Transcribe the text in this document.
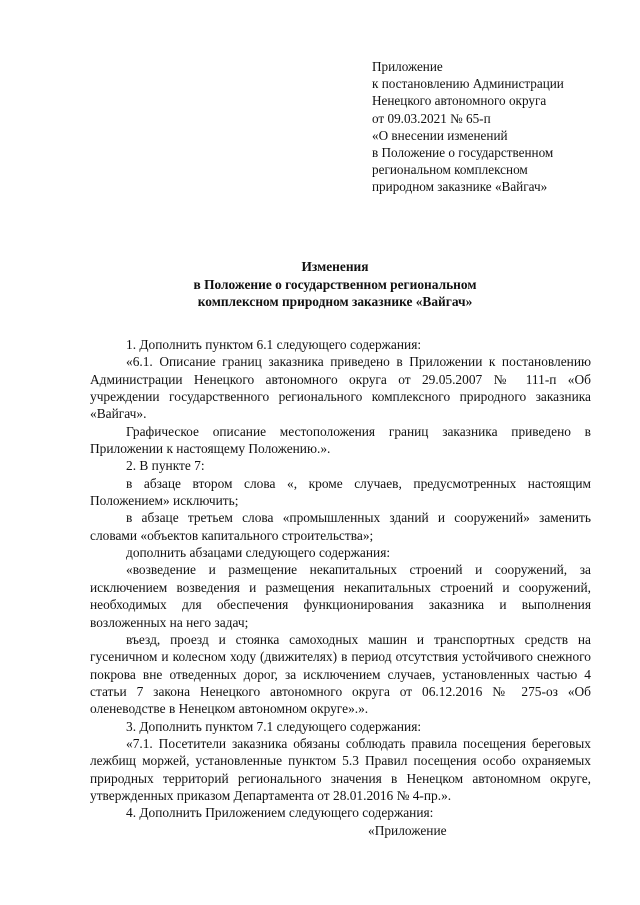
Приложение
к постановлению Администрации
Ненецкого автономного округа
от 09.03.2021 № 65-п
«О внесении изменений
в Положение о государственном
региональном комплексном
природном заказнике «Вайгач»
Изменения
в Положение о государственном региональном
комплексном природном заказнике «Вайгач»

1. Дополнить пунктом 6.1 следующего содержания:

«6.1. Описание границ заказника приведено в Приложении к постановлению Администрации Ненецкого автономного округа от 29.05.2007 № 111-п «Об учреждении государственного регионального комплексного природного заказника «Вайгач».

Графическое описание местоположения границ заказника приведено в Приложении к настоящему Положению.».

2. В пункте 7:

в абзаце втором слова «, кроме случаев, предусмотренных настоящим Положением» исключить;

в абзаце третьем слова «промышленных зданий и сооружений» заменить словами «объектов капитального строительства»;

дополнить абзацами следующего содержания:

«возведение и размещение некапитальных строений и сооружений, за исключением возведения и размещения некапитальных строений и сооружений, необходимых для обеспечения функционирования заказника и выполнения возложенных на него задач;

въезд, проезд и стоянка самоходных машин и транспортных средств на гусеничном и колесном ходу (движителях) в период отсутствия устойчивого снежного покрова вне отведенных дорог, за исключением случаев, установленных частью 4 статьи 7 закона Ненецкого автономного округа от 06.12.2016 № 275-оз «Об оленеводстве в Ненецком автономном округе».».

3. Дополнить пунктом 7.1 следующего содержания:

«7.1. Посетители заказника обязаны соблюдать правила посещения береговых лежбищ моржей, установленные пунктом 5.3 Правил посещения особо охраняемых природных территорий регионального значения в Ненецком автономном округе, утвержденных приказом Департамента от 28.01.2016 № 4-пр.».

4. Дополнить Приложением следующего содержания:

«Приложение
